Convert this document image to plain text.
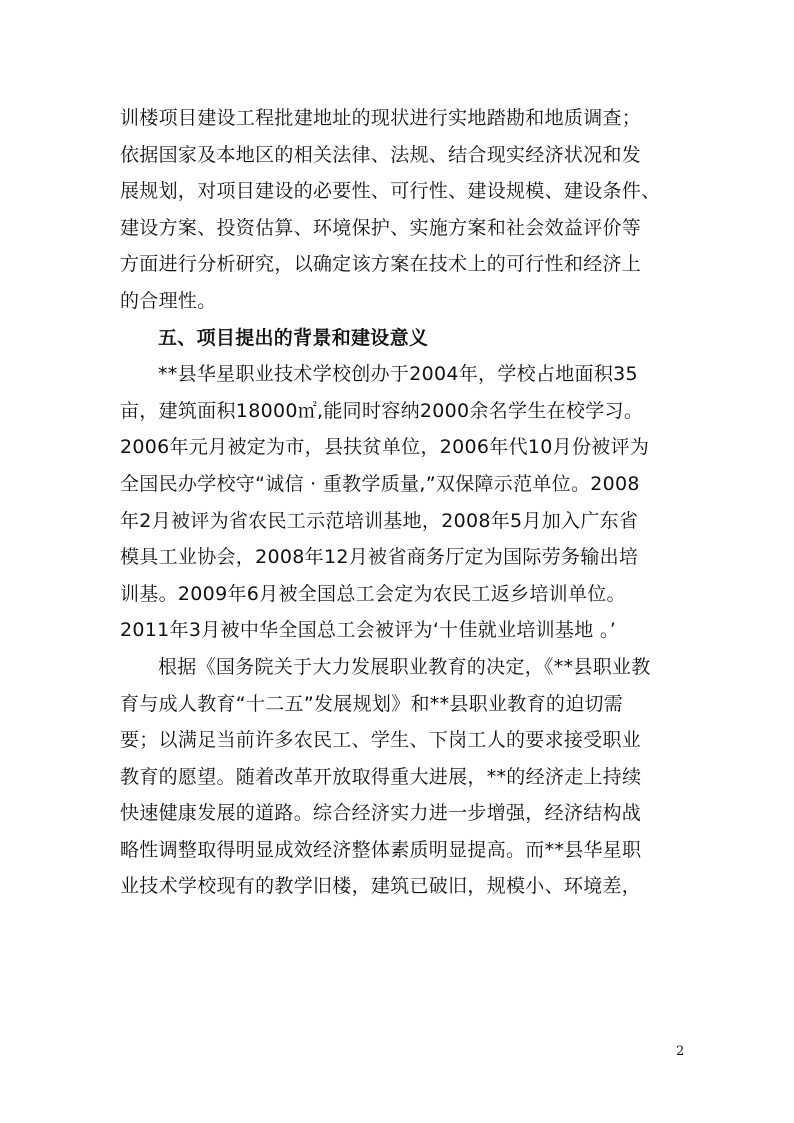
训楼项目建设工程批建地址的现状进行实地踏勘和地质调查；
依据国家及本地区的相关法律、法规、结合现实经济状况和发
展规划，对项目建设的必要性、可行性、建设规模、建设条件、
建设方案、投资估算、环境保护、实施方案和社会效益评价等
方面进行分析研究，以确定该方案在技术上的可行性和经济上
的合理性。
五、项目提出的背景和建设意义
**县华星职业技术学校创办于2004年，学校占地面积35
亩，建筑面积18000㎡,能同时容纳2000余名学生在校学习。
2006年元月被定为市，县扶贫单位，2006年代10月份被评为
全国民办学校守“诚信 · 重教学质量,”双保障示范单位。2008
年2月被评为省农民工示范培训基地，2008年5月加入广东省
模具工业协会，2008年12月被省商务厅定为国际劳务输出培
训基。2009年6月被全国总工会定为农民工返乡培训单位。
2011年3月被中华全国总工会被评为‘十佳就业培训基地 。’
根据《国务院关于大力发展职业教育的决定，《**县职业教
育与成人教育“十二五”发展规划》和**县职业教育的迫切需
要；以满足当前许多农民工、学生、下岗工人的要求接受职业
教育的愿望。随着改革开放取得重大进展，**的经济走上持续
快速健康发展的道路。综合经济实力进一步增强，经济结构战
略性调整取得明显成效经济整体素质明显提高。而**县华星职
业技术学校现有的教学旧楼，建筑已破旧，规模小、环境差，
2
